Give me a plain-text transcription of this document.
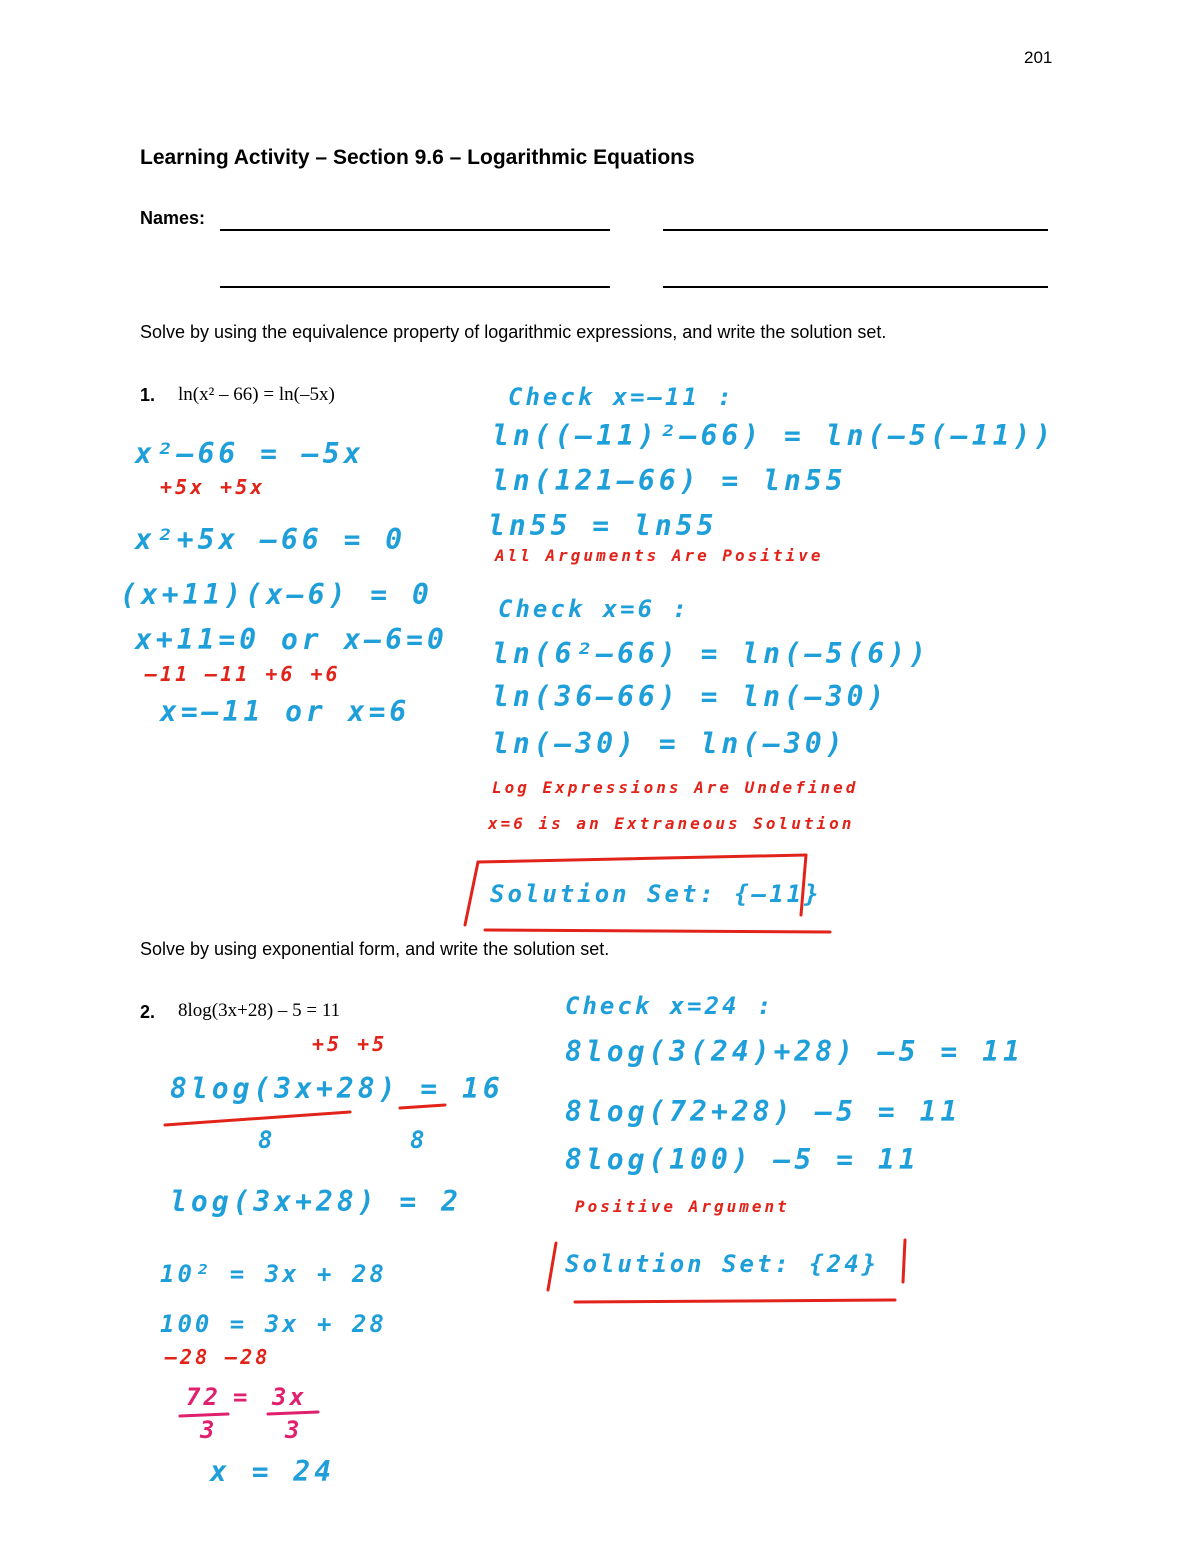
201
Learning Activity – Section 9.6 – Logarithmic Equations
Names:
Solve by using the equivalence property of logarithmic expressions, and write the solution set.
1. ln(x² – 66) = ln(–5x)
x²–66 = –5x
+5x +5x
x²+5x –66 = 0
(x+11)(x–6) = 0
x+11=0 or x–6=0
–11 –11 +6 +6
x=–11 or x=6
Check x=–11 :
ln((–11)²–66) = ln(–5(–11))
ln(121–66) = ln55
ln55 = ln55
All Arguments Are Positive
Check x=6 :
ln(6²–66) = ln(–5(6))
ln(36–66) = ln(–30)
ln(–30) = ln(–30)
Log Expressions Are Undefined
x=6 is an Extraneous Solution
Solution Set: {–11}
Solve by using exponential form, and write the solution set.
2. 8log(3x+28) – 5 = 11
+5 +5
8log(3x+28) = 16
8	8
log(3x+28) = 2
10² = 3x + 28
100 = 3x + 28
–28 –28
72 = 3x
3	3
x = 24
Check x=24 :
8log(3(24)+28) –5 = 11
8log(72+28) –5 = 11
8log(100) –5 = 11
Positive Argument
Solution Set: {24}
